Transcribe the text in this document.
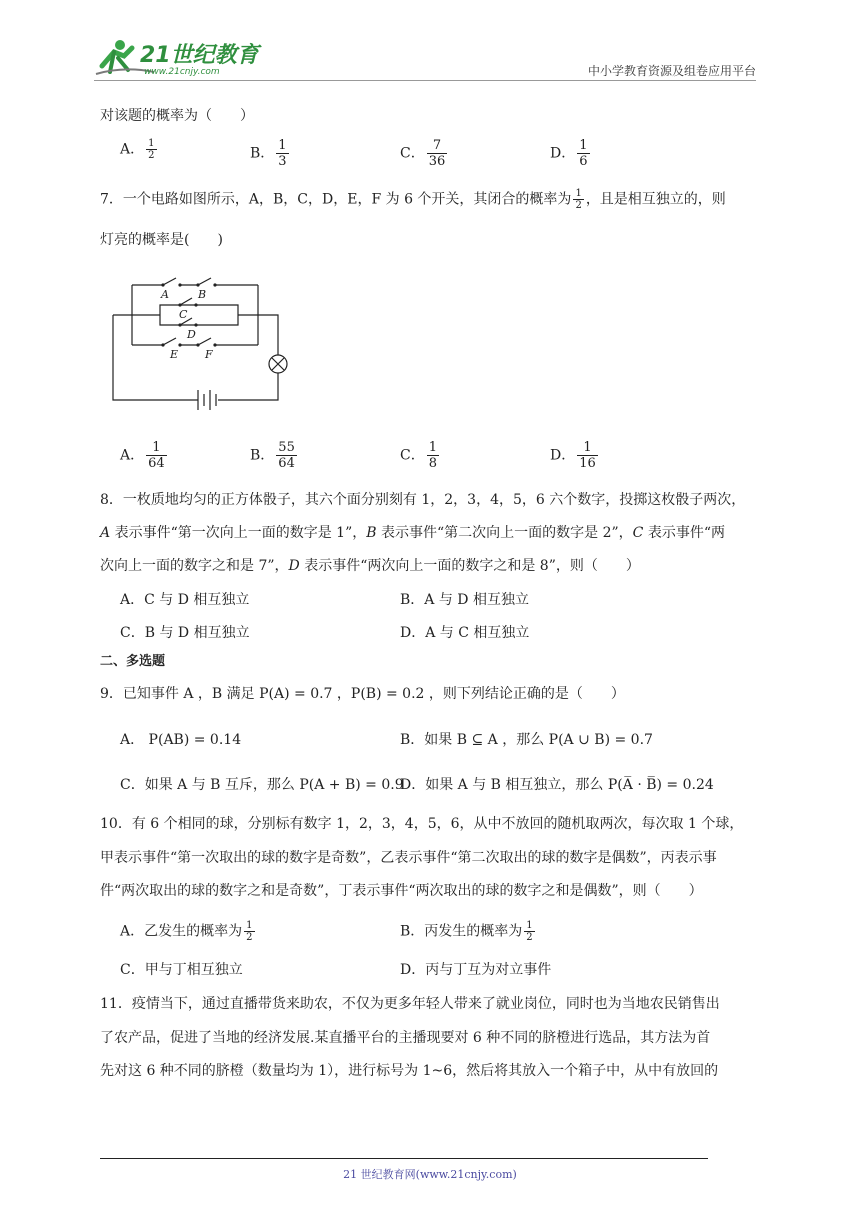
21世纪教育
www.21cnjy.com	中小学教育资源及组卷应用平台
对该题的概率为（　　）
A． $\frac{1}{2}$	B． $\frac{1}{3}$	C． $\frac{7}{36}$	D． $\frac{1}{6}$
7．一个电路如图所示，A，B，C，D，E，F 为 6 个开关，其闭合的概率为 $\frac{1}{2}$ ，且是相互独立的，则
灯亮的概率是(　　)
A	B
C
D
E F
A． $\frac{1}{64}$	B． $\frac{55}{64}$	C． $\frac{1}{8}$	D． $\frac{1}{16}$
8．一枚质地均匀的正方体骰子，其六个面分别刻有 1，2，3，4，5，6 六个数字，投掷这枚骰子两次，
A 表示事件“第一次向上一面的数字是 1”，B 表示事件“第二次向上一面的数字是 2”，C 表示事件“两
次向上一面的数字之和是 7”，D 表示事件“两次向上一面的数字之和是 8”，则（　　）
A．C 与 D 相互独立	B．A 与 D 相互独立
C．B 与 D 相互独立	D．A 与 C 相互独立
二、多选题
9．已知事件 A ，B 满足 P(A) = 0.7 ，P(B) = 0.2 ，则下列结论正确的是（　　）
A． P(AB) = 0.14	B．如果 B ⊆ A ，那么 P(A ∪ B) = 0.7
C．如果 A 与 B 互斥，那么 P(A + B) = 0.9
D．如果 A 与 B 相互独立，那么 P(A̅ · B̅) = 0.24
10．有 6 个相同的球，分别标有数字 1，2，3，4，5，6，从中不放回的随机取两次，每次取 1 个球，
甲表示事件“第一次取出的球的数字是奇数”，乙表示事件“第二次取出的球的数字是偶数”，丙表示事
件“两次取出的球的数字之和是奇数”，丁表示事件“两次取出的球的数字之和是偶数”，则（　　）
A．乙发生的概率为 $\frac{1}{2}$	B．丙发生的概率为 $\frac{1}{2}$
C．甲与丁相互独立	D．丙与丁互为对立事件
11．疫情当下，通过直播带货来助农，不仅为更多年轻人带来了就业岗位，同时也为当地农民销售出
了农产品，促进了当地的经济发展.某直播平台的主播现要对 6 种不同的脐橙进行选品，其方法为首
先对这 6 种不同的脐橙（数量均为 1），进行标号为 1~6，然后将其放入一个箱子中，从中有放回的
21 世纪教育网(www.21cnjy.com)
